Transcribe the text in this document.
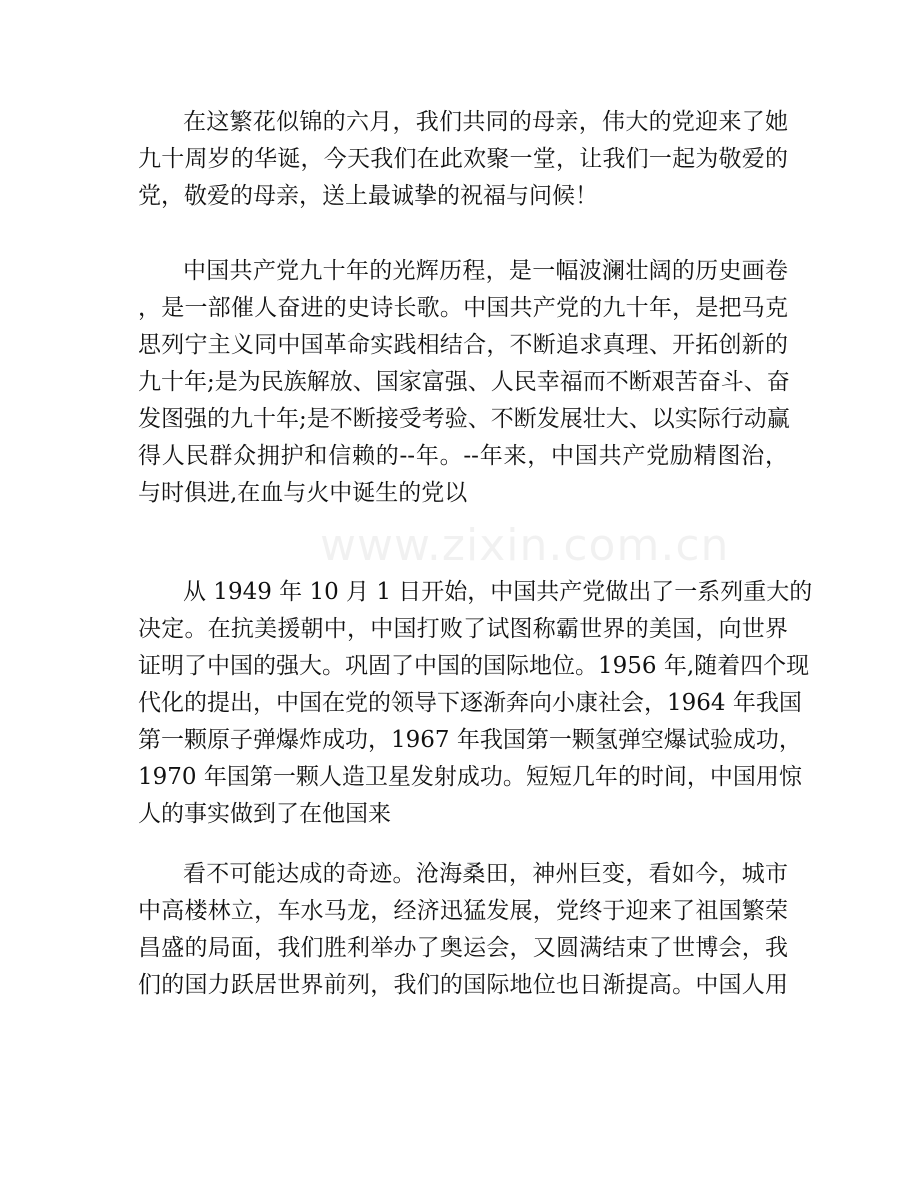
www.zixin.com.cn
在这繁花似锦的六月，我们共同的母亲，伟大的党迎来了她
九十周岁的华诞，今天我们在此欢聚一堂，让我们一起为敬爱的
党，敬爱的母亲，送上最诚挚的祝福与问候！
中国共产党九十年的光辉历程，是一幅波澜壮阔的历史画卷
，是一部催人奋进的史诗长歌。中国共产党的九十年，是把马克
思列宁主义同中国革命实践相结合，不断追求真理、开拓创新的
九十年;是为民族解放、国家富强、人民幸福而不断艰苦奋斗、奋
发图强的九十年;是不断接受考验、不断发展壮大、以实际行动赢
得人民群众拥护和信赖的--年。--年来，中国共产党励精图治，
与时俱进,在血与火中诞生的党以
从 1949 年 10 月 1 日开始，中国共产党做出了一系列重大的
决定。在抗美援朝中，中国打败了试图称霸世界的美国，向世界
证明了中国的强大。巩固了中国的国际地位。1956 年,随着四个现
代化的提出，中国在党的领导下逐渐奔向小康社会，1964 年我国
第一颗原子弹爆炸成功，1967 年我国第一颗氢弹空爆试验成功，
1970 年国第一颗人造卫星发射成功。短短几年的时间，中国用惊
人的事实做到了在他国来
看不可能达成的奇迹。沧海桑田，神州巨变，看如今，城市
中高楼林立，车水马龙，经济迅猛发展，党终于迎来了祖国繁荣
昌盛的局面，我们胜利举办了奥运会，又圆满结束了世博会，我
们的国力跃居世界前列，我们的国际地位也日渐提高。中国人用
